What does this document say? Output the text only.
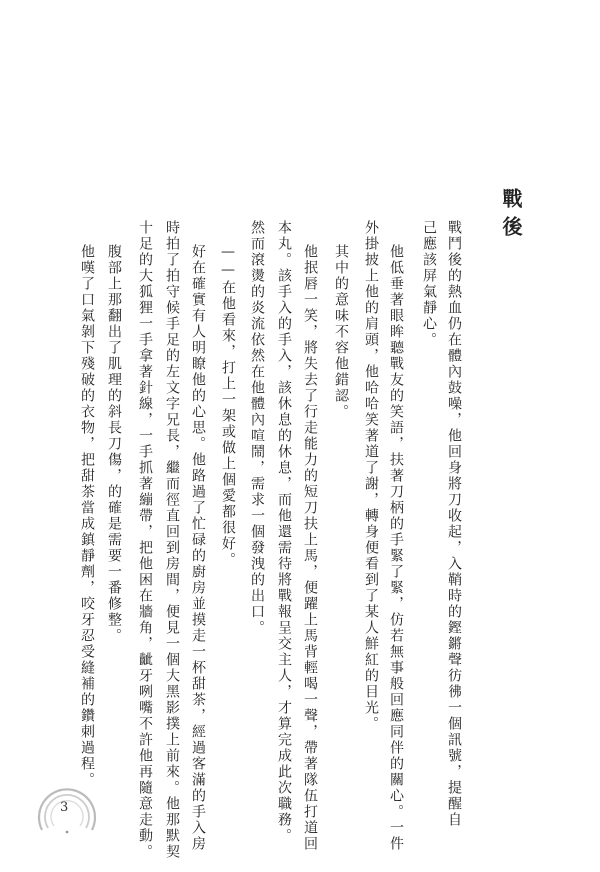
戰後
戰鬥後的熱血仍在體內鼓噪，他回身將刀收起，入鞘時的鏗鏘聲彷彿一個訊號，提醒自
己應該屏氣靜心。
他低垂著眼眸聽戰友的笑語，扶著刀柄的手緊了緊，仿若無事般回應同伴的關心。一件
外掛披上他的肩頭，他哈哈笑著道了謝，轉身便看到了某人鮮紅的目光。
其中的意味不容他錯認。
他抿唇一笑，將失去了行走能力的短刀扶上馬，便躍上馬背輕喝一聲，帶著隊伍打道回
本丸。該手入的手入，該休息的休息，而他還需待將戰報呈交主人，才算完成此次職務。
然而滾燙的炎流依然在他體內喧鬧，需求一個發洩的出口。
——在他看來，打上一架或做上個愛都很好。
好在確實有人明瞭他的心思。他路過了忙碌的廚房並摸走一杯甜茶，經過客滿的手入房
時拍了拍守候手足的左文字兄長，繼而徑直回到房間，便見一個大黑影撲上前來。他那默契
十足的大狐狸一手拿著針線，一手抓著繃帶，把他困在牆角，齜牙咧嘴不許他再隨意走動。
腹部上那翻出了肌理的斜長刀傷，的確是需要一番修整。
他嘆了口氣剝下殘破的衣物，把甜茶當成鎮靜劑，咬牙忍受縫補的鑽刺過程。
3
